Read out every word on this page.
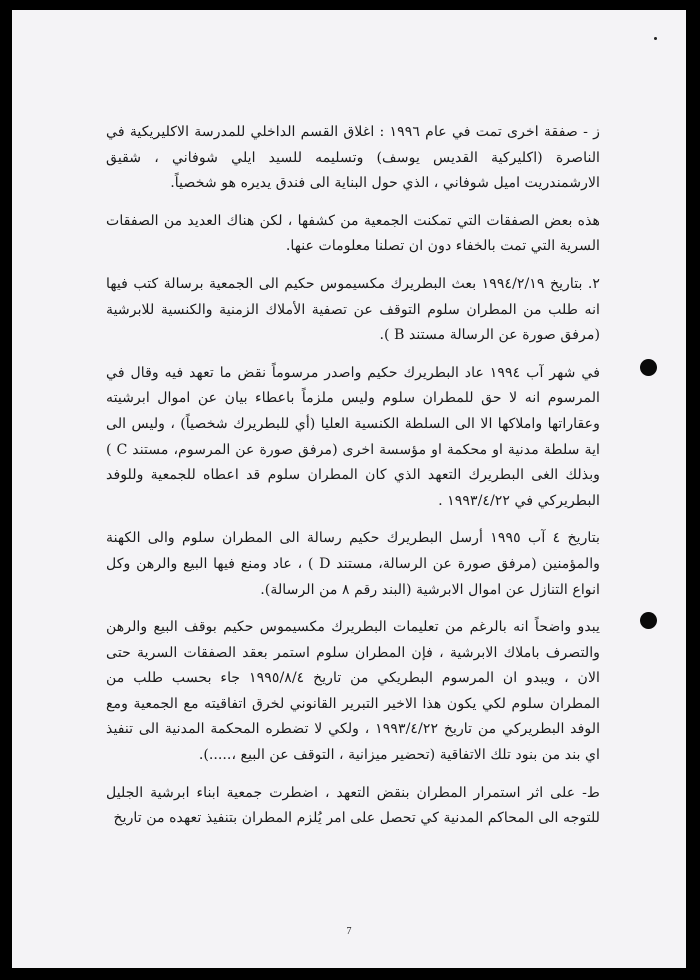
ز - صفقة اخرى تمت في عام ١٩٩٦ : اغلاق القسم الداخلي للمدرسة الاكليريكية في الناصرة (اكليركية القديس يوسف) وتسليمه للسيد ايلي شوفاني ، شقيق الارشمندريت اميل شوفاني ، الذي حول البناية الى فندق يديره هو شخصياً.

هذه بعض الصفقات التي تمكنت الجمعية من كشفها ، لكن هناك العديد من الصفقات السرية التي تمت بالخفاء دون ان تصلنا معلومات عنها.

٢. بتاريخ ١٩٩٤/٢/١٩ بعث البطريرك مكسيموس حكيم الى الجمعية برسالة كتب فيها انه طلب من المطران سلوم التوقف عن تصفية الأملاك الزمنية والكنسية للابرشية (مرفق صورة عن الرسالة مستند B ).

في شهر آب ١٩٩٤ عاد البطريرك حكيم واصدر مرسوماً نقض ما تعهد فيه وقال في المرسوم انه لا حق للمطران سلوم وليس ملزماً باعطاء بيان عن اموال ابرشيته وعقاراتها واملاكها الا الى السلطة الكنسية العليا (أي للبطريرك شخصياً) ، وليس الى اية سلطة مدنية او محكمة او مؤسسة اخرى (مرفق صورة عن المرسوم، مستند C ) وبذلك الغى البطريرك التعهد الذي كان المطران سلوم قد اعطاه للجمعية وللوفد البطريركي في ١٩٩٣/٤/٢٢ .

بتاريخ ٤ آب ١٩٩٥ أرسل البطريرك حكيم رسالة الى المطران سلوم والى الكهنة والمؤمنين (مرفق صورة عن الرسالة، مستند D ) ، عاد ومنع فيها البيع والرهن وكل انواع التنازل عن اموال الابرشية (البند رقم ٨ من الرسالة).

يبدو واضحاً انه بالرغم من تعليمات البطريرك مكسيموس حكيم بوقف البيع والرهن والتصرف باملاك الابرشية ، فإن المطران سلوم استمر بعقد الصفقات السرية حتى الان ، ويبدو ان المرسوم البطريكي من تاريخ ١٩٩٥/٨/٤ جاء بحسب طلب من المطران سلوم لكي يكون هذا الاخير التبرير القانوني لخرق اتفاقيته مع الجمعية ومع الوفد البطريركي من تاريخ ١٩٩٣/٤/٢٢ ، ولكي لا تضطره المحكمة المدنية الى تنفيذ اي بند من بنود تلك الاتفاقية (تحضير ميزانية ، التوقف عن البيع ،.....).

ط- على اثر استمرار المطران بنقض التعهد ، اضطرت جمعية ابناء ابرشية الجليل للتوجه الى المحاكم المدنية كي تحصل على امر يُلزم المطران بتنفيذ تعهده من تاريخ

7
